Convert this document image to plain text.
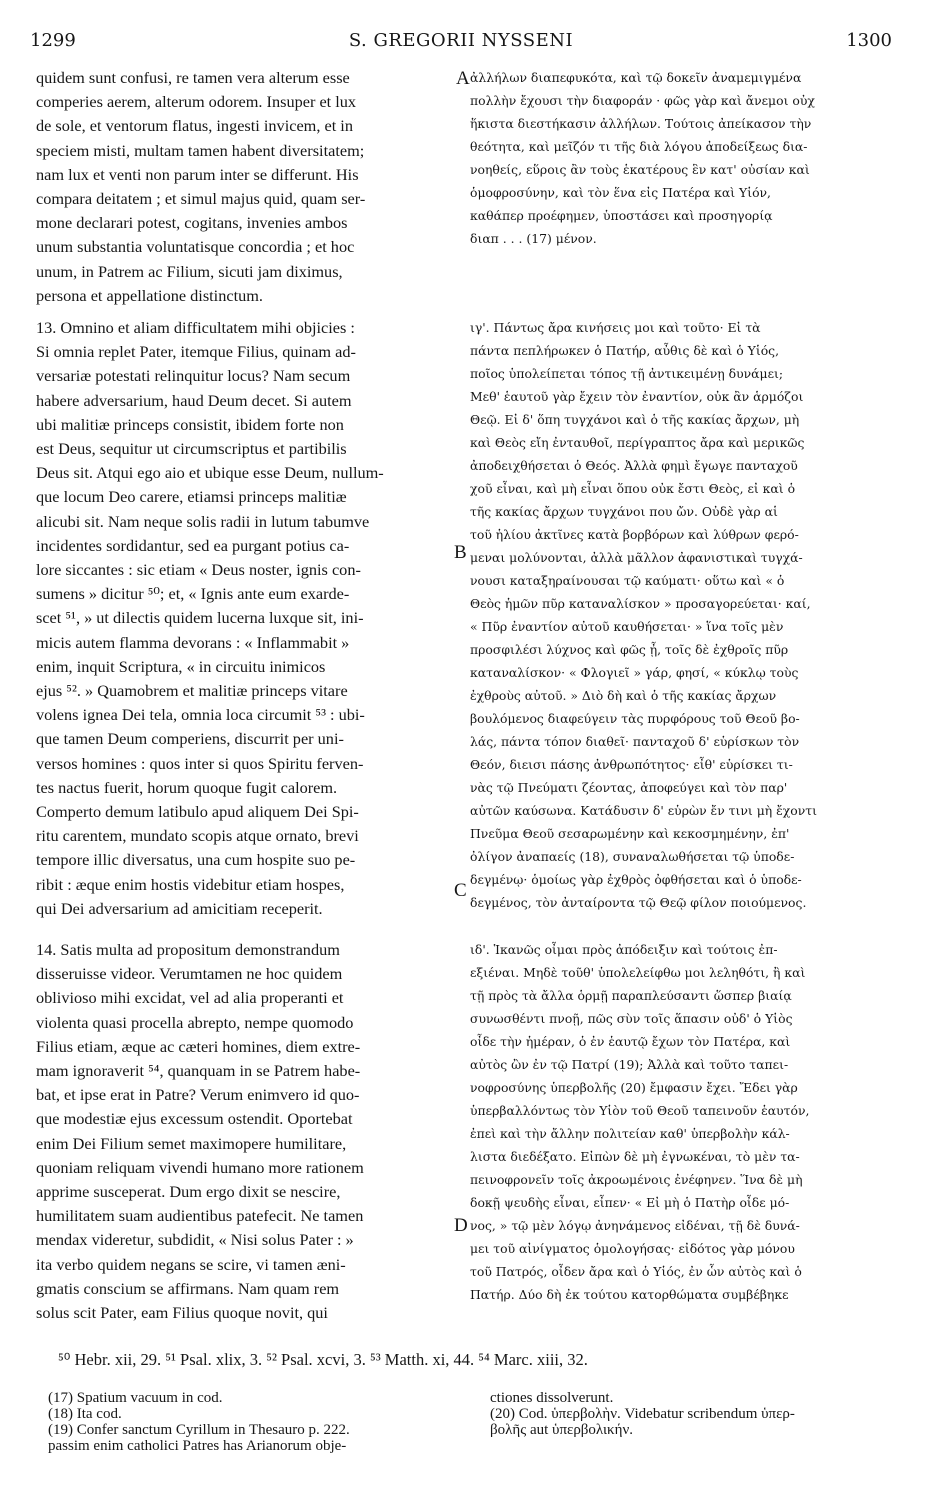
1299	S. GREGORII NYSSENI	1300
A
B
C
D
quidem sunt confusi, re tamen vera alterum esse
comperies aerem, alterum odorem. Insuper et lux
de sole, et ventorum flatus, ingesti invicem, et in
speciem misti, multam tamen habent diversitatem;
nam lux et venti non parum inter se differunt. His
compara deitatem ; et simul majus quid, quam ser-
mone declarari potest, cogitans, invenies ambos
unum substantia voluntatisque concordia ; et hoc
unum, in Patrem ac Filium, sicuti jam diximus,
persona et appellatione distinctum.
13. Omnino et aliam difficultatem mihi objicies :
Si omnia replet Pater, itemque Filius, quinam ad-
versariæ potestati relinquitur locus? Nam secum
habere adversarium, haud Deum decet. Si autem
ubi malitiæ princeps consistit, ibidem forte non
est Deus, sequitur ut circumscriptus et partibilis
Deus sit. Atqui ego aio et ubique esse Deum, nullum-
que locum Deo carere, etiamsi princeps malitiæ
alicubi sit. Nam neque solis radii in lutum tabumve
incidentes sordidantur, sed ea purgant potius ca-
lore siccantes : sic etiam « Deus noster, ignis con-
sumens » dicitur ⁵⁰; et, « Ignis ante eum exarde-
scet ⁵¹, » ut dilectis quidem lucerna luxque sit, ini-
micis autem flamma devorans : « Inflammabit »
enim, inquit Scriptura, « in circuitu inimicos
ejus ⁵². » Quamobrem et malitiæ princeps vitare
volens ignea Dei tela, omnia loca circumit ⁵³ : ubi-
que tamen Deum comperiens, discurrit per uni-
versos homines : quos inter si quos Spiritu ferven-
tes nactus fuerit, horum quoque fugit calorem.
Comperto demum latibulo apud aliquem Dei Spi-
ritu carentem, mundato scopis atque ornato, brevi
tempore illic diversatus, una cum hospite suo pe-
ribit : æque enim hostis videbitur etiam hospes,
qui Dei adversarium ad amicitiam receperit.
14. Satis multa ad propositum demonstrandum
disseruisse videor. Verumtamen ne hoc quidem
oblivioso mihi excidat, vel ad alia properanti et
violenta quasi procella abrepto, nempe quomodo
Filius etiam, æque ac cæteri homines, diem extre-
mam ignoraverit ⁵⁴, quanquam in se Patrem habe-
bat, et ipse erat in Patre? Verum enimvero id quo-
que modestiæ ejus excessum ostendit. Oportebat
enim Dei Filium semet maximopere humilitare,
quoniam reliquam vivendi humano more rationem
apprime susceperat. Dum ergo dixit se nescire,
humilitatem suam audientibus patefecit. Ne tamen
mendax videretur, subdidit, « Nisi solus Pater : »
ita verbo quidem negans se scire, vi tamen æni-
gmatis conscium se affirmans. Nam quam rem
solus scit Pater, eam Filius quoque novit, qui
ἀλλήλων διαπεφυκότα, καὶ τῷ δοκεῖν ἀναμεμιγμένα
πολλὴν ἔχουσι τὴν διαφοράν · φῶς γὰρ καὶ ἄνεμοι οὐχ
ἥκιστα διεστήκασιν ἀλλήλων. Τούτοις ἀπείκασον τὴν
θεότητα, καὶ μεῖζόν τι τῆς διὰ λόγου ἀποδείξεως δια-
νοηθείς, εὕροις ἂν τοὺς ἑκατέρους ἓν κατ' οὐσίαν καὶ
ὁμοφροσύνην, καὶ τὸν ἕνα εἰς Πατέρα καὶ Υἱόν,
καθάπερ προέφημεν, ὑποστάσει καὶ προσηγορίᾳ
διαπ . . . (17) μένον.
ιγ'. Πάντως ἄρα κινήσεις μοι καὶ τοῦτο· Εἰ τὰ
πάντα πεπλήρωκεν ὁ Πατήρ, αὖθις δὲ καὶ ὁ Υἱός,
ποῖος ὑπολείπεται τόπος τῇ ἀντικειμένῃ δυνάμει;
Μεθ' ἑαυτοῦ γὰρ ἔχειν τὸν ἐναντίον, οὐκ ἂν ἁρμόζοι
Θεῷ. Εἰ δ' ὅπη τυγχάνοι καὶ ὁ τῆς κακίας ἄρχων, μὴ
καὶ Θεὸς εἴη ἐνταυθοῖ, περίγραπτος ἄρα καὶ μερικῶς
ἀποδειχθήσεται ὁ Θεός. Ἀλλὰ φημὶ ἔγωγε πανταχοῦ
χοῦ εἶναι, καὶ μὴ εἶναι ὅπου οὐκ ἔστι Θεὸς, εἰ καὶ ὁ
τῆς κακίας ἄρχων τυγχάνοι που ὤν. Οὐδὲ γὰρ αἱ
τοῦ ἡλίου ἀκτῖνες κατὰ βορβόρων καὶ λύθρων φερό-
μεναι μολύνονται, ἀλλὰ μᾶλλον ἀφανιστικαὶ τυγχά-
νουσι καταξηραίνουσαι τῷ καύματι· οὕτω καὶ « ὁ
Θεὸς ἡμῶν πῦρ καταναλίσκον » προσαγορεύεται· καί,
« Πῦρ ἐναντίον αὐτοῦ καυθήσεται· » ἵνα τοῖς μὲν
προσφιλέσι λύχνος καὶ φῶς ᾖ, τοῖς δὲ ἐχθροῖς πῦρ
καταναλίσκον· « Φλογιεῖ » γάρ, φησί, « κύκλῳ τοὺς
ἐχθροὺς αὐτοῦ. » Διὸ δὴ καὶ ὁ τῆς κακίας ἄρχων
βουλόμενος διαφεύγειν τὰς πυρφόρους τοῦ Θεοῦ βο-
λάς, πάντα τόπον διαθεῖ· πανταχοῦ δ' εὑρίσκων τὸν
Θεόν, διεισι πάσης ἀνθρωπότητος· εἶθ' εὑρίσκει τι-
νὰς τῷ Πνεύματι ζέοντας, ἀποφεύγει καὶ τὸν παρ'
αὐτῶν καύσωνα. Κατάδυσιν δ' εὑρὼν ἔν τινι μὴ ἔχοντι
Πνεῦμα Θεοῦ σεσαρωμένην καὶ κεκοσμημένην, ἐπ'
ὀλίγον ἀναπαείς (18), συναναλωθήσεται τῷ ὑποδε-
δεγμένῳ· ὁμοίως γὰρ ἐχθρὸς ὀφθήσεται καὶ ὁ ὑποδε-
δεγμένος, τὸν ἀνταίροντα τῷ Θεῷ φίλον ποιούμενος.
ιδ'. Ἱκανῶς οἶμαι πρὸς ἀπόδειξιν καὶ τούτοις ἐπ-
εξιέναι. Μηδὲ τοῦθ' ὑπολελείφθω μοι λεληθότι, ἢ καὶ
τῇ πρὸς τὰ ἄλλα ὁρμῇ παραπλεύσαντι ὥσπερ βιαίᾳ
συνωσθέντι πνοῇ, πῶς σὺν τοῖς ἅπασιν οὐδ' ὁ Υἱὸς
οἶδε τὴν ἡμέραν, ὁ ἐν ἑαυτῷ ἔχων τὸν Πατέρα, καὶ
αὐτὸς ὢν ἐν τῷ Πατρί (19); Ἀλλὰ καὶ τοῦτο ταπει-
νοφροσύνης ὑπερβολῆς (20) ἔμφασιν ἔχει. Ἔδει γὰρ
ὑπερβαλλόντως τὸν Υἱὸν τοῦ Θεοῦ ταπεινοῦν ἑαυτόν,
ἐπεὶ καὶ τὴν ἄλλην πολιτείαν καθ' ὑπερβολὴν κάλ-
λιστα διεδέξατο. Εἰπὼν δὲ μὴ ἐγνωκέναι, τὸ μὲν τα-
πεινοφρονεῖν τοῖς ἀκροωμένοις ἐνέφηνεν. Ἵνα δὲ μὴ
δοκῇ ψευδὴς εἶναι, εἶπεν· « Εἰ μὴ ὁ Πατὴρ οἶδε μό-
νος, » τῷ μὲν λόγῳ ἀνηνάμενος εἰδέναι, τῇ δὲ δυνά-
μει τοῦ αἰνίγματος ὁμολογήσας· εἰδότος γὰρ μόνου
τοῦ Πατρός, οἶδεν ἄρα καὶ ὁ Υἱός, ἐν ὧν αὐτὸς καὶ ὁ
Πατήρ. Δύο δὴ ἐκ τούτου κατορθώματα συμβέβηκε
⁵⁰ Hebr. xii, 29. ⁵¹ Psal. xlix, 3. ⁵² Psal. xcvi, 3. ⁵³ Matth. xi, 44. ⁵⁴ Marc. xiii, 32.
(17) Spatium vacuum in cod.
(18) Ita cod.
(19) Confer sanctum Cyrillum in Thesauro p. 222.
passim enim catholici Patres has Arianorum obje-
ctiones dissolverunt.
(20) Cod. ὑπερβολὴν. Videbatur scribendum ὑπερ-
βολῆς aut ὑπερβολικήν.
